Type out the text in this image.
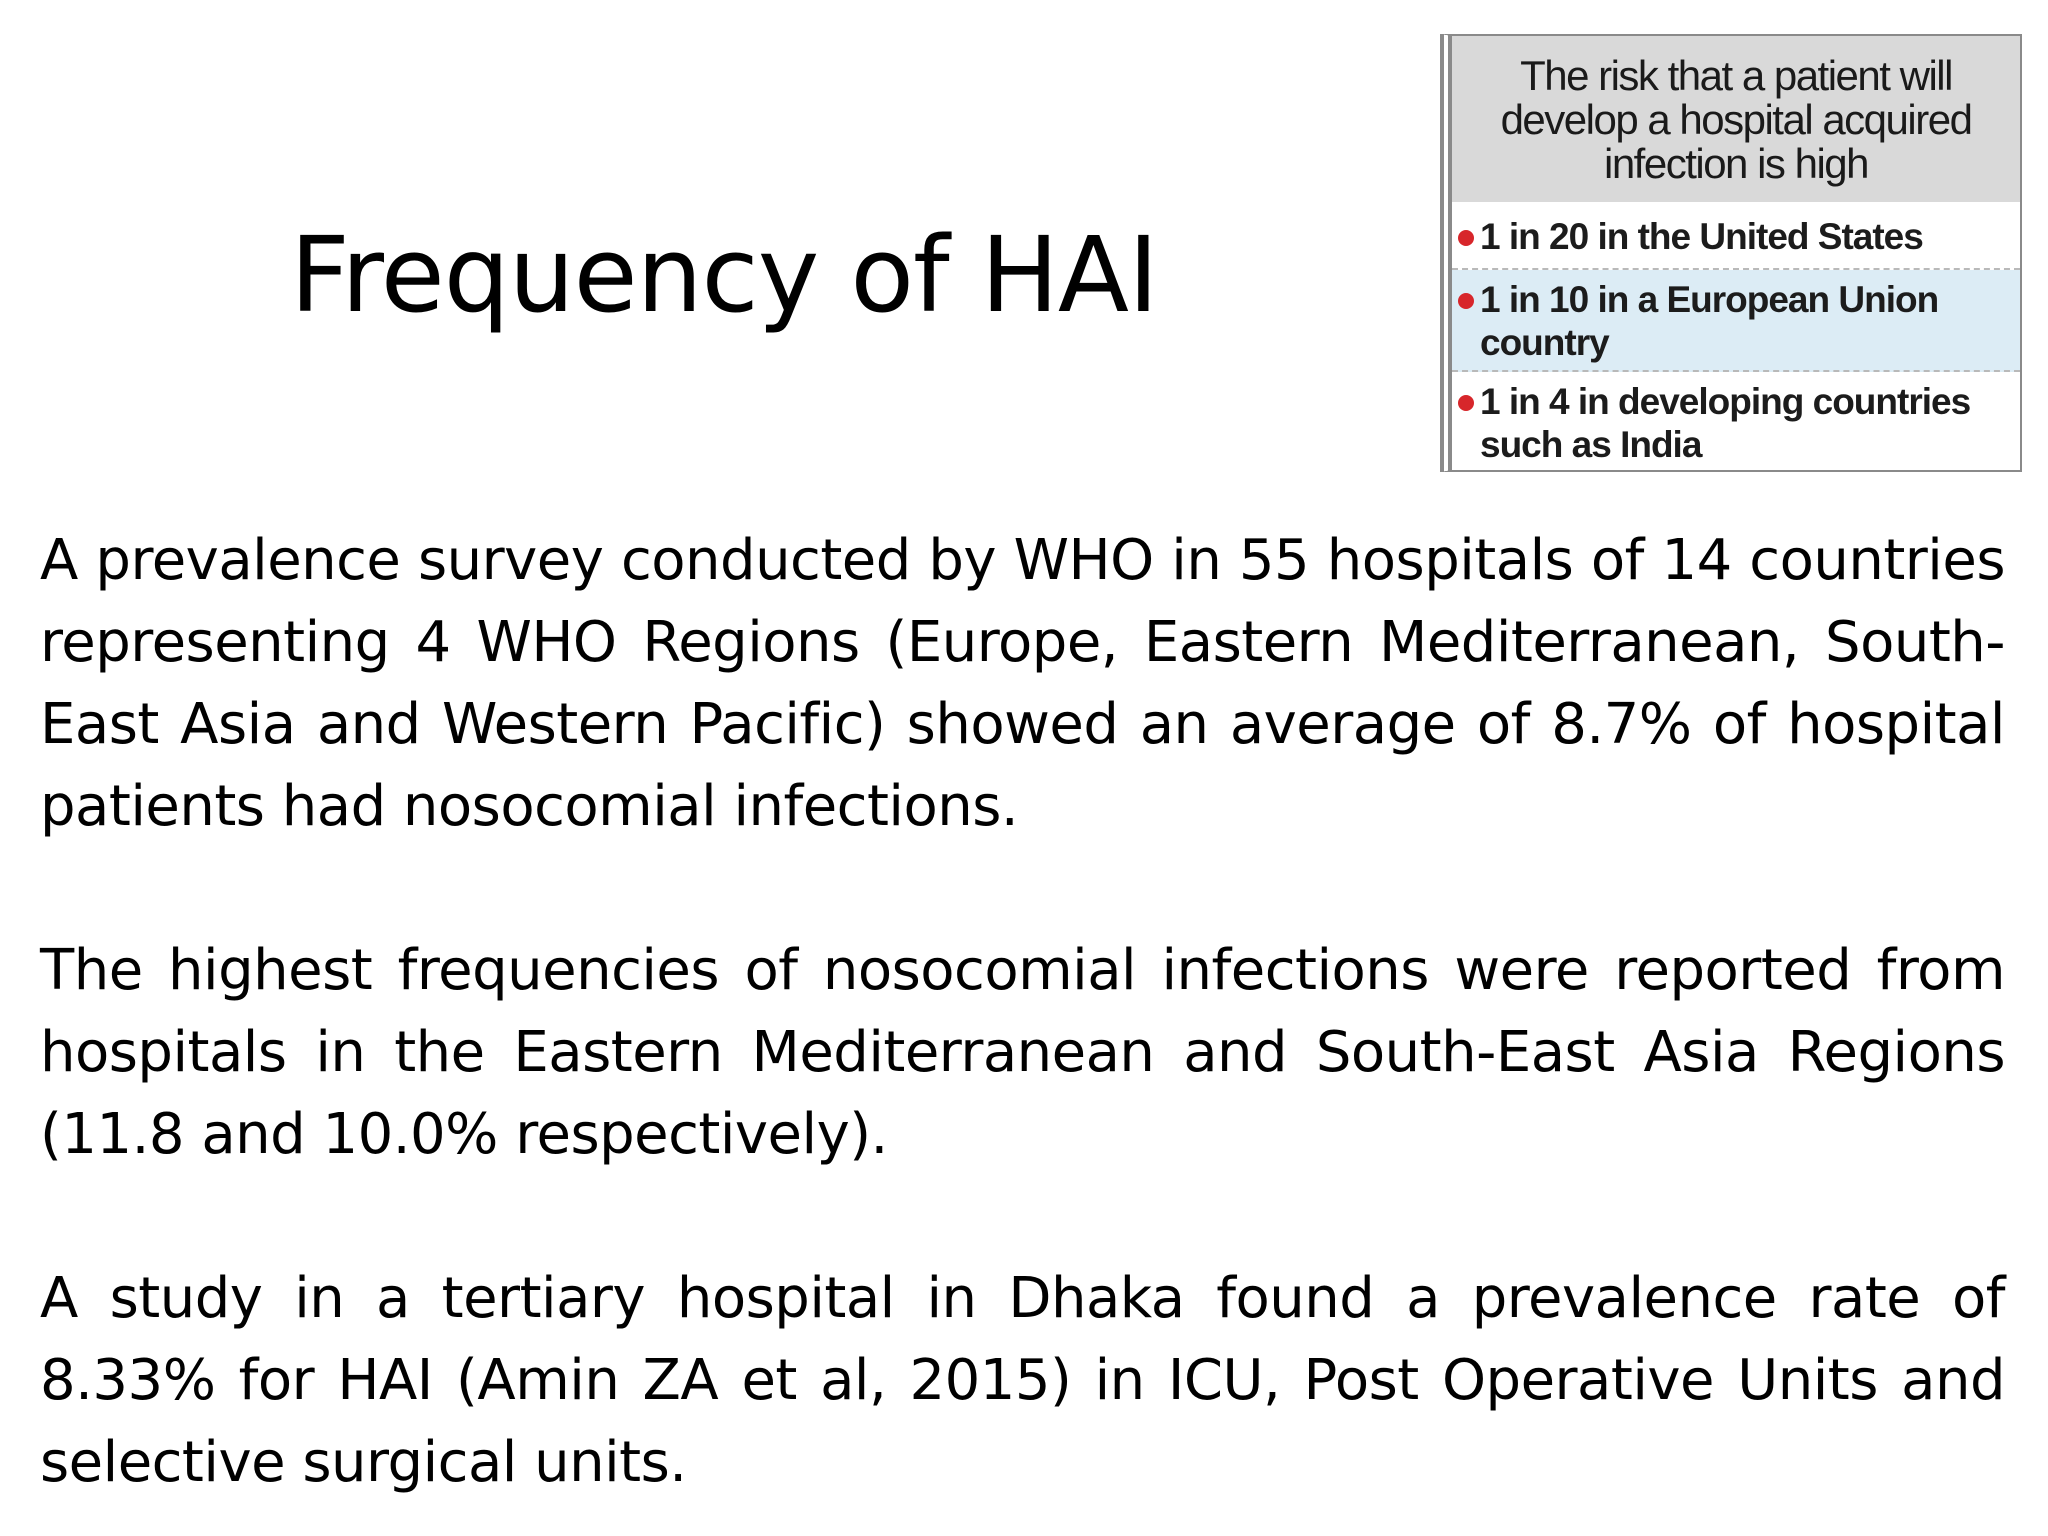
Frequency of HAI
The risk that a patient will develop a hospital acquired infection is high
1 in 20 in the United States
1 in 10 in a European Union country
1 in 4 in developing countries such as India

A prevalence survey conducted by WHO in 55 hospitals of 14 countries representing 4 WHO Regions (Europe, Eastern Mediterranean, South-East Asia and Western Pacific) showed an average of 8.7% of hospital patients had nosocomial infections.

The highest frequencies of nosocomial infections were reported from hospitals in the Eastern Mediterranean and South-East Asia Regions (11.8 and 10.0% respectively).

A study in a tertiary hospital in Dhaka found a prevalence rate of 8.33% for HAI (Amin ZA et al, 2015) in ICU, Post Operative Units and selective surgical units.
